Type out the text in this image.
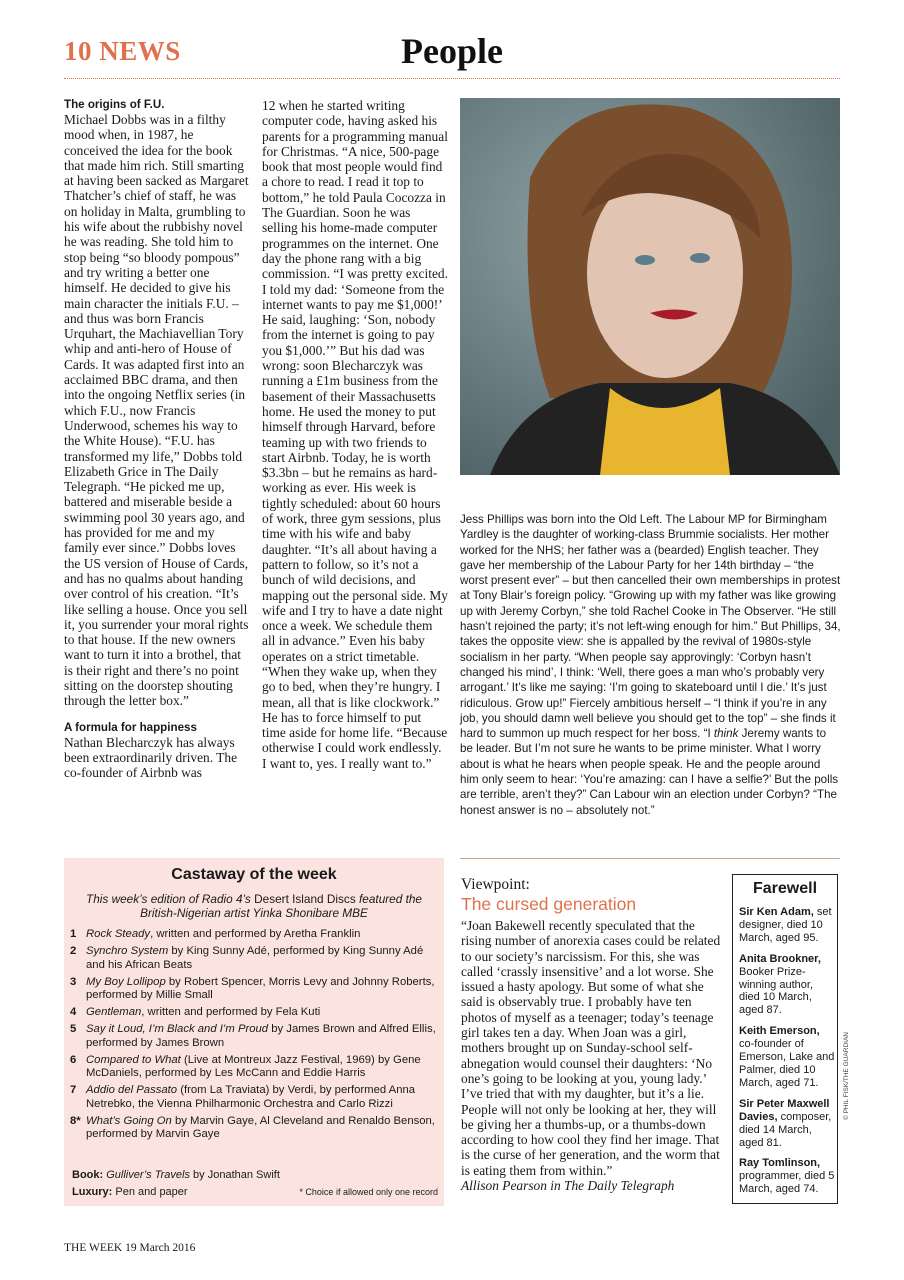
10 NEWS	People

The origins of F.U.

Michael Dobbs was in a filthy mood when, in 1987, he conceived the idea for the book that made him rich. Still smarting at having been sacked as Margaret Thatcher’s chief of staff, he was on holiday in Malta, grumbling to his wife about the rubbishy novel he was reading. She told him to stop being “so bloody pompous” and try writing a better one himself. He decided to give his main character the initials F.U. – and thus was born Francis Urquhart, the Machiavellian Tory whip and anti-hero of House of Cards. It was adapted first into an acclaimed BBC drama, and then into the ongoing Netflix series (in which F.U., now Francis Underwood, schemes his way to the White House). “F.U. has transformed my life,” Dobbs told Elizabeth Grice in The Daily Telegraph. “He picked me up, battered and miserable beside a swimming pool 30 years ago, and has provided for me and my family ever since.” Dobbs loves the US version of House of Cards, and has no qualms about handing over control of his creation. “It’s like selling a house. Once you sell it, you surrender your moral rights to that house. If the new owners want to turn it into a brothel, that is their right and there’s no point sitting on the doorstep shouting through the letter box.”

A formula for happiness

Nathan Blecharczyk has always been extraordinarily driven. The co-founder of Airbnb was

12 when he started writing computer code, having asked his parents for a programming manual for Christmas. “A nice, 500-page book that most people would find a chore to read. I read it top to bottom,” he told Paula Cocozza in The Guardian. Soon he was selling his home-made computer programmes on the internet. One day the phone rang with a big commission. “I was pretty excited. I told my dad: ‘Someone from the internet wants to pay me $1,000!’ He said, laughing: ‘Son, nobody from the internet is going to pay you $1,000.’” But his dad was wrong: soon Blecharczyk was running a £1m business from the basement of their Massachusetts home. He used the money to put himself through Harvard, before teaming up with two friends to start Airbnb. Today, he is worth $3.3bn – but he remains as hard-working as ever. His week is tightly scheduled: about 60 hours of work, three gym sessions, plus time with his wife and baby daughter. “It’s all about having a pattern to follow, so it’s not a bunch of wild decisions, and mapping out the personal side. My wife and I try to have a date night once a week. We schedule them all in advance.” Even his baby operates on a strict timetable. “When they wake up, when they go to bed, when they’re hungry. I mean, all that is like clockwork.” He has to force himself to put time aside for home life. “Because otherwise I could work endlessly. I want to, yes. I really want to.”

Jess Phillips was born into the Old Left. The Labour MP for Birmingham Yardley is the daughter of working-class Brummie socialists. Her mother worked for the NHS; her father was a (bearded) English teacher. They gave her membership of the Labour Party for her 14th birthday – “the worst present ever” – but then cancelled their own memberships in protest at Tony Blair’s foreign policy. “Growing up with my father was like growing up with Jeremy Corbyn,” she told Rachel Cooke in The Observer. “He still hasn’t rejoined the party; it’s not left-wing enough for him.” But Phillips, 34, takes the opposite view: she is appalled by the revival of 1980s-style socialism in her party. “When people say approvingly: ‘Corbyn hasn’t changed his mind’, I think: ‘Well, there goes a man who’s probably very arrogant.’ It’s like me saying: ‘I’m going to skateboard until I die.’ It’s just ridiculous. Grow up!” Fiercely ambitious herself – “I think if you’re in any job, you should damn well believe you should get to the top” – she finds it hard to summon up much respect for her boss. “I think Jeremy wants to be leader. But I’m not sure he wants to be prime minister. What I worry about is what he hears when people speak. He and the people around him only seem to hear: ‘You’re amazing: can I have a selfie?’ But the polls are terrible, aren’t they?” Can Labour win an election under Corbyn? “The honest answer is no – absolutely not.”
Castaway of the week
This week’s edition of Radio 4’s Desert Island Discs featured the British-Nigerian artist Yinka Shonibare MBE
1 Rock Steady, written and performed by Aretha Franklin
2 Synchro System by King Sunny Adé, performed by King Sunny Adé and his African Beats
3 My Boy Lollipop by Robert Spencer, Morris Levy and Johnny Roberts, performed by Millie Small
4 Gentleman, written and performed by Fela Kuti
5 Say it Loud, I’m Black and I’m Proud by James Brown and Alfred Ellis, performed by James Brown
6 Compared to What (Live at Montreux Jazz Festival, 1969) by Gene McDaniels, performed by Les McCann and Eddie Harris
7 Addio del Passato (from La Traviata) by Verdi, by performed Anna Netrebko, the Vienna Philharmonic Orchestra and Carlo Rizzi
8* What’s Going On by Marvin Gaye, Al Cleveland and Renaldo Benson, performed by Marvin Gaye
Book: Gulliver’s Travels by Jonathan Swift
Luxury: Pen and paper	* Choice if allowed only one record
Viewpoint:
The cursed generation
“Joan Bakewell recently speculated that the rising number of anorexia cases could be related to our society’s narcissism. For this, she was called ‘crassly insensitive’ and a lot worse. She issued a hasty apology. But some of what she said is observably true. I probably have ten photos of myself as a teenager; today’s teenage girl takes ten a day. When Joan was a girl, mothers brought up on Sunday-school self-abnegation would counsel their daughters: ‘No one’s going to be looking at you, young lady.’ I’ve tried that with my daughter, but it’s a lie. People will not only be looking at her, they will be giving her a thumbs-up, or a thumbs-down according to how cool they find her image. That is the curse of her generation, and the worm that is eating them from within.”
Allison Pearson in The Daily Telegraph
Farewell
Sir Ken Adam, set designer, died 10 March, aged 95.
Anita Brookner, Booker Prize-winning author, died 10 March, aged 87.
Keith Emerson, co-founder of Emerson, Lake and Palmer, died 10 March, aged 71.
Sir Peter Maxwell Davies, composer, died 14 March, aged 81.
Ray Tomlinson, programmer, died 5 March, aged 74.
© PHIL FISK/THE GUARDIAN
THE WEEK 19 March 2016
